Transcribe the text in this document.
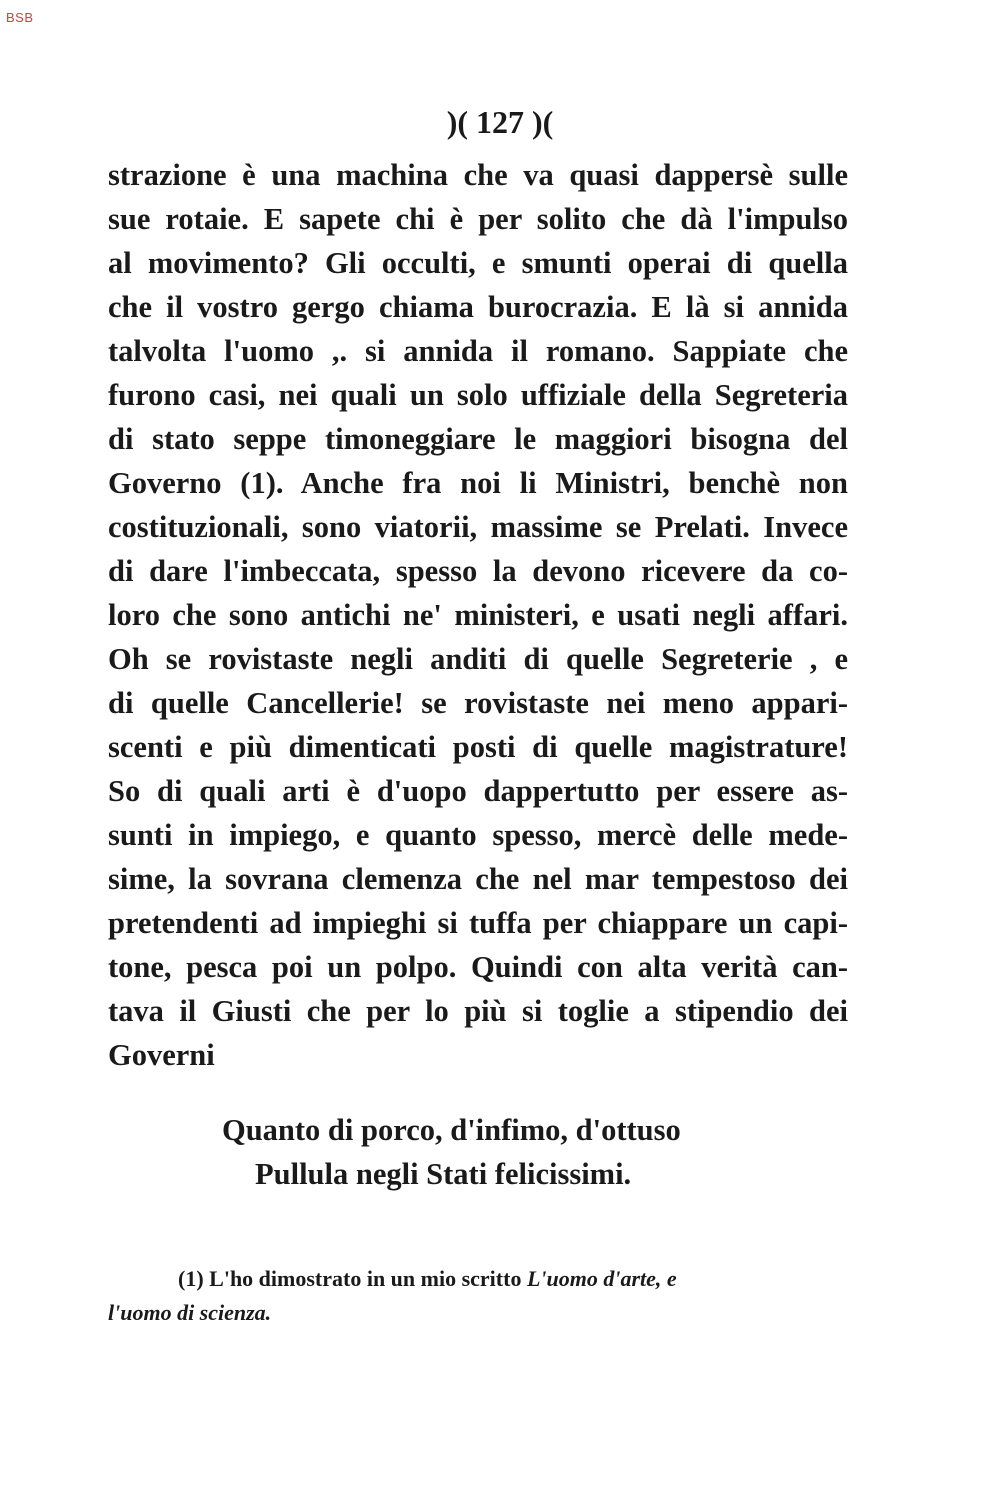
BSB
)( 127 )(
strazione è una machina che va quasi dappersè sulle
sue rotaie. E sapete chi è per solito che dà l'impulso
al movimento? Gli occulti, e smunti operai di quella
che il vostro gergo chiama burocrazia. E là si annida
talvolta l'uomo ,. si annida il romano. Sappiate che
furono casi, nei quali un solo uffiziale della Segreteria
di stato seppe timoneggiare le maggiori bisogna del
Governo (1). Anche fra noi li Ministri, benchè non
costituzionali, sono viatorii, massime se Prelati. Invece
di dare l'imbeccata, spesso la devono ricevere da co-
loro che sono antichi ne' ministeri, e usati negli affari.
Oh se rovistaste negli anditi di quelle Segreterie , e
di quelle Cancellerie! se rovistaste nei meno appari-
scenti e più dimenticati posti di quelle magistrature!
So di quali arti è d'uopo dappertutto per essere as-
sunti in impiego, e quanto spesso, mercè delle mede-
sime, la sovrana clemenza che nel mar tempestoso dei
pretendenti ad impieghi si tuffa per chiappare un capi-
tone, pesca poi un polpo. Quindi con alta verità can-
tava il Giusti che per lo più si toglie a stipendio dei
Governi
Quanto di porco, d'infimo, d'ottuso
Pullula negli Stati felicissimi.
(1) L'ho dimostrato in un mio scritto L'uomo d'arte, e
l'uomo di scienza.
